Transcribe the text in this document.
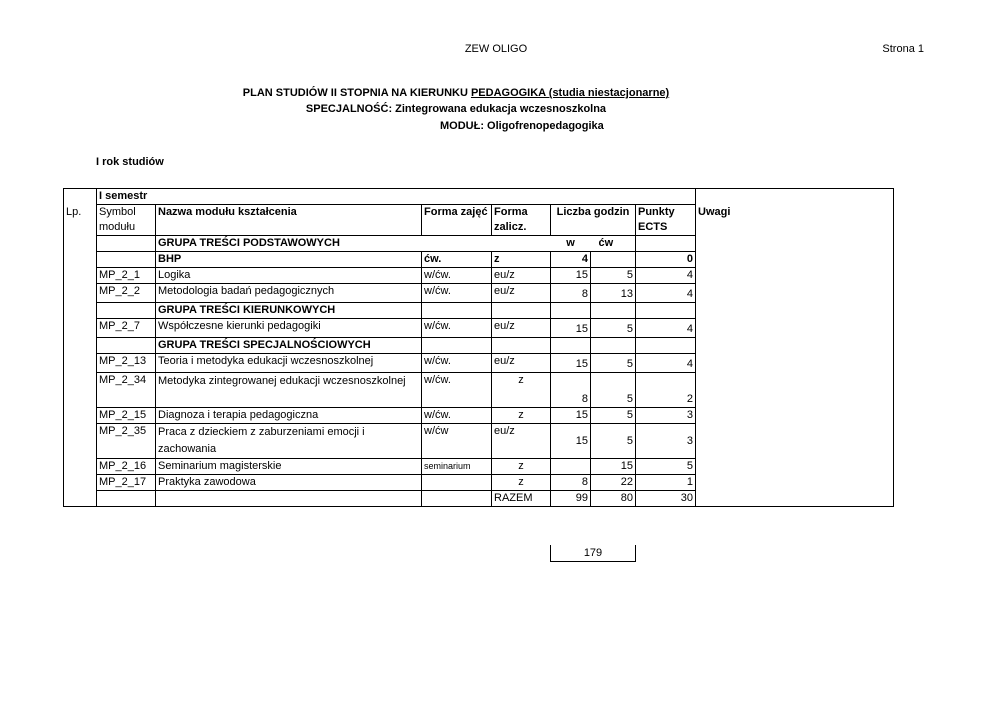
ZEW OLIGO	Strona 1
PLAN STUDIÓW II STOPNIA NA KIERUNKU PEDAGOGIKA (studia niestacjonarne)
SPECJALNOŚĆ: Zintegrowana edukacja wczesnoszkolna
MODUŁ: Oligofrenopedagogika
I rok studiów
	I semestr							
Lp.	Symbol	Nazwa modułu kształcenia	Forma zajęć	Forma	Liczba godzin		Punkty	Uwagi
	modułu			zalicz.			ECTS	
		GRUPA TREŚCI PODSTAWOWYCH			w	ćw		
		BHP	ćw.	z	4		0	
	MP_2_1	Logika	w/ćw.	eu/z	15	5	4	
	MP_2_2	Metodologia badań pedagogicznych	w/ćw.	eu/z	8	13	4	
		GRUPA TREŚCI KIERUNKOWYCH						
	MP_2_7	Współczesne kierunki pedagogiki	w/ćw.	eu/z	15	5	4	
		GRUPA TREŚCI SPECJALNOŚCIOWYCH						
	MP_2_13	Teoria i metodyka edukacji wczesnoszkolnej	w/ćw.	eu/z	15	5	4	
	MP_2_34	Metodyka zintegrowanej edukacji wczesnoszkolnej	w/ćw.	z	8	5	2	
	MP_2_15	Diagnoza i terapia pedagogiczna	w/ćw.	z	15	5	3	
	MP_2_35	Praca z dzieckiem z zaburzeniami emocji i zachowania	w/ćw	eu/z	15	5	3	
	MP_2_16	Seminarium magisterskie	seminarium	z		15	5	
	MP_2_17	Praktyka zawodowa		z	8	22	1	
				RAZEM	99	80	30	
179
